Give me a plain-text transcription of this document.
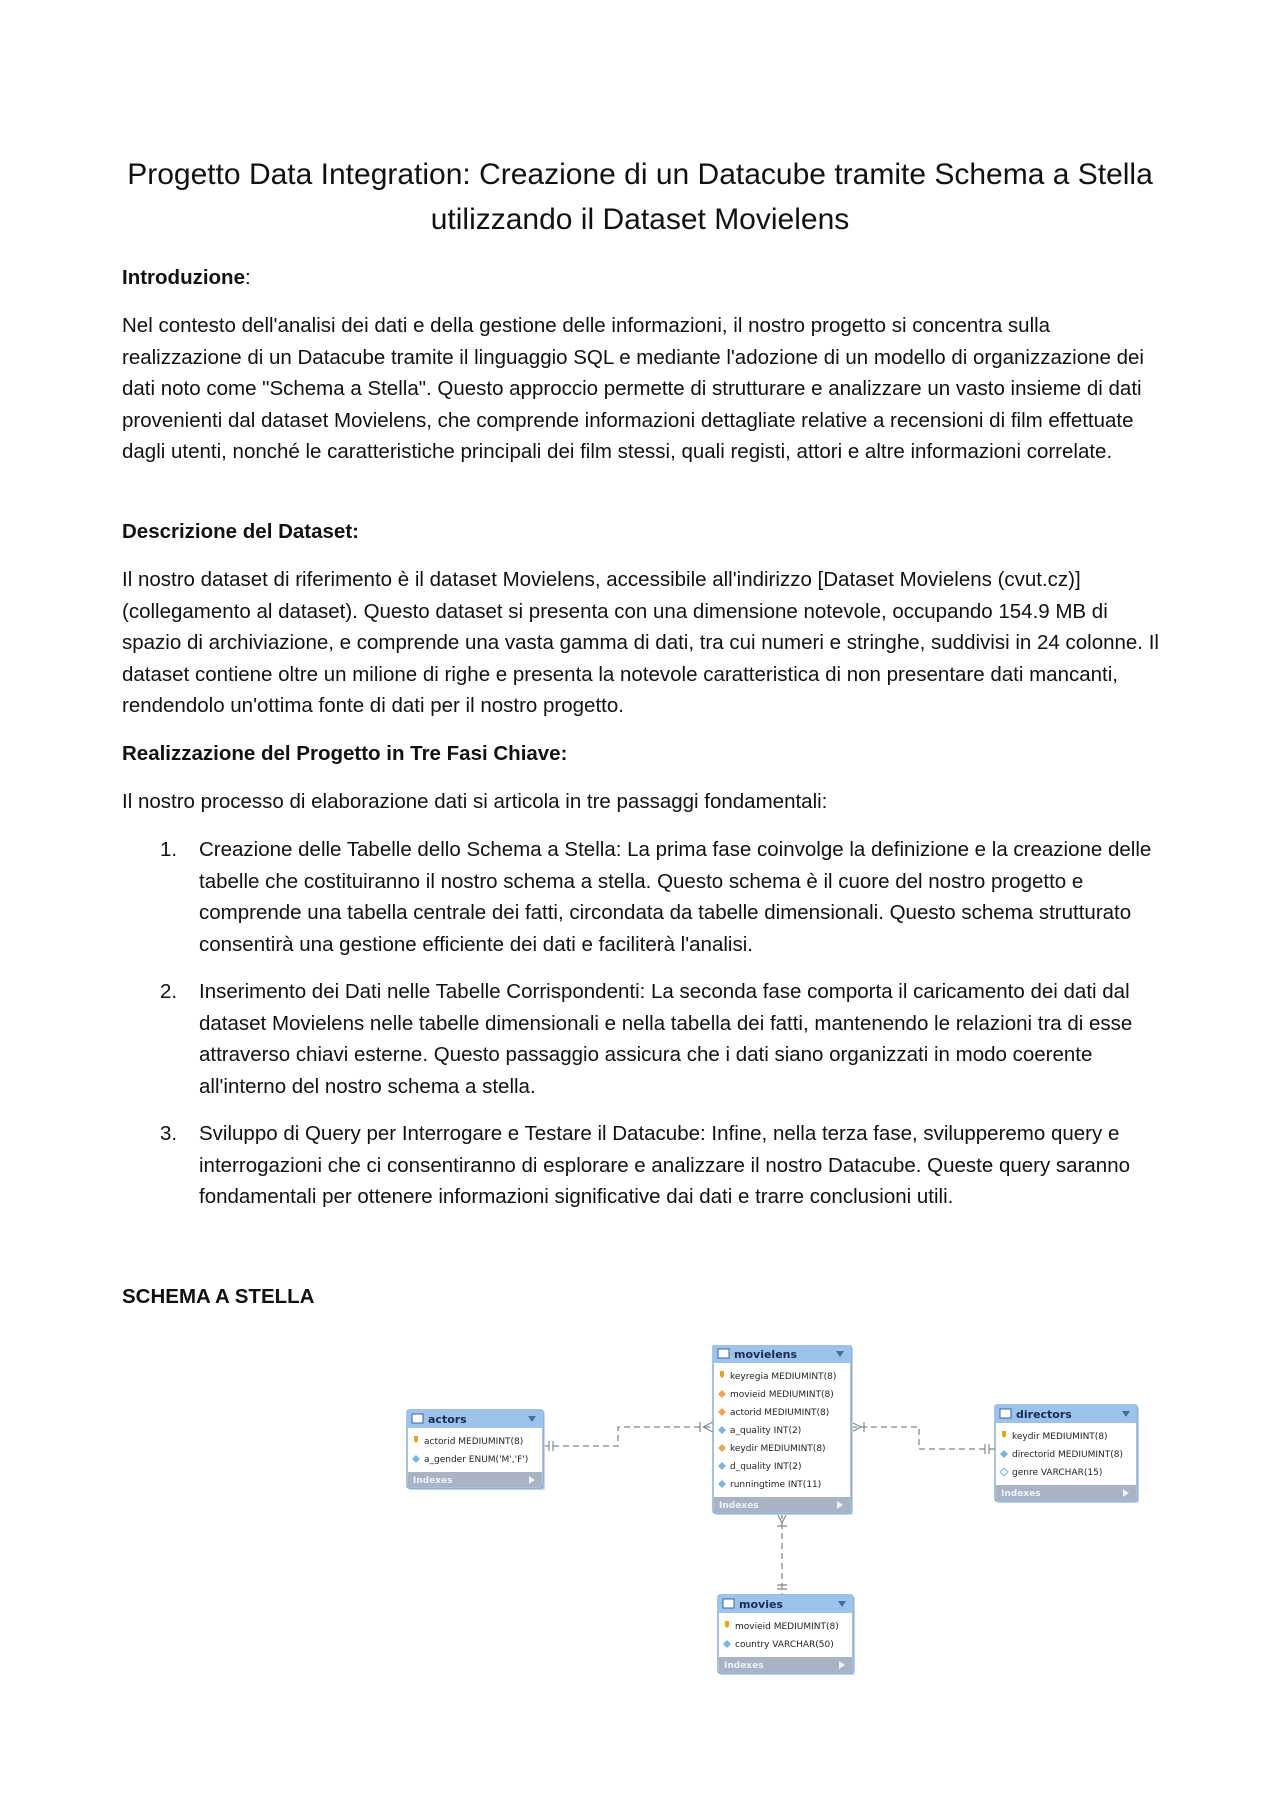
Progetto Data Integration: Creazione di un Datacube tramite Schema a Stella utilizzando il Dataset Movielens

Introduzione:

Nel contesto dell'analisi dei dati e della gestione delle informazioni, il nostro progetto si concentra sulla realizzazione di un Datacube tramite il linguaggio SQL e mediante l'adozione di un modello di organizzazione dei dati noto come "Schema a Stella". Questo approccio permette di strutturare e analizzare un vasto insieme di dati provenienti dal dataset Movielens, che comprende informazioni dettagliate relative a recensioni di film effettuate dagli utenti, nonché le caratteristiche principali dei film stessi, quali registi, attori e altre informazioni correlate.

Descrizione del Dataset:

Il nostro dataset di riferimento è il dataset Movielens, accessibile all'indirizzo [Dataset Movielens (cvut.cz)] (collegamento al dataset). Questo dataset si presenta con una dimensione notevole, occupando 154.9 MB di spazio di archiviazione, e comprende una vasta gamma di dati, tra cui numeri e stringhe, suddivisi in 24 colonne. Il dataset contiene oltre un milione di righe e presenta la notevole caratteristica di non presentare dati mancanti, rendendolo un'ottima fonte di dati per il nostro progetto.

Realizzazione del Progetto in Tre Fasi Chiave:

Il nostro processo di elaborazione dati si articola in tre passaggi fondamentali:

1. Creazione delle Tabelle dello Schema a Stella: La prima fase coinvolge la definizione e la creazione delle tabelle che costituiranno il nostro schema a stella. Questo schema è il cuore del nostro progetto e comprende una tabella centrale dei fatti, circondata da tabelle dimensionali. Questo schema strutturato consentirà una gestione efficiente dei dati e faciliterà l'analisi.
2. Inserimento dei Dati nelle Tabelle Corrispondenti: La seconda fase comporta il caricamento dei dati dal dataset Movielens nelle tabelle dimensionali e nella tabella dei fatti, mantenendo le relazioni tra di esse attraverso chiavi esterne. Questo passaggio assicura che i dati siano organizzati in modo coerente all'interno del nostro schema a stella.
3. Sviluppo di Query per Interrogare e Testare il Datacube: Infine, nella terza fase, svilupperemo query e interrogazioni che ci consentiranno di esplorare e analizzare il nostro Datacube. Queste query saranno fondamentali per ottenere informazioni significative dai dati e trarre conclusioni utili.

SCHEMA A STELLA

movielens
keyregia MEDIUMINT(8)
movieid MEDIUMINT(8)
actorid MEDIUMINT(8)
a_quality INT(2)
keydir MEDIUMINT(8)
d_quality INT(2)
runningtime INT(11)
Indexes
actors
actorid MEDIUMINT(8)
a_gender ENUM('M','F')
Indexes
directors
keydir MEDIUMINT(8)
directorid MEDIUMINT(8)
genre VARCHAR(15)
Indexes
movies
movieid MEDIUMINT(8)
country VARCHAR(50)
Indexes
